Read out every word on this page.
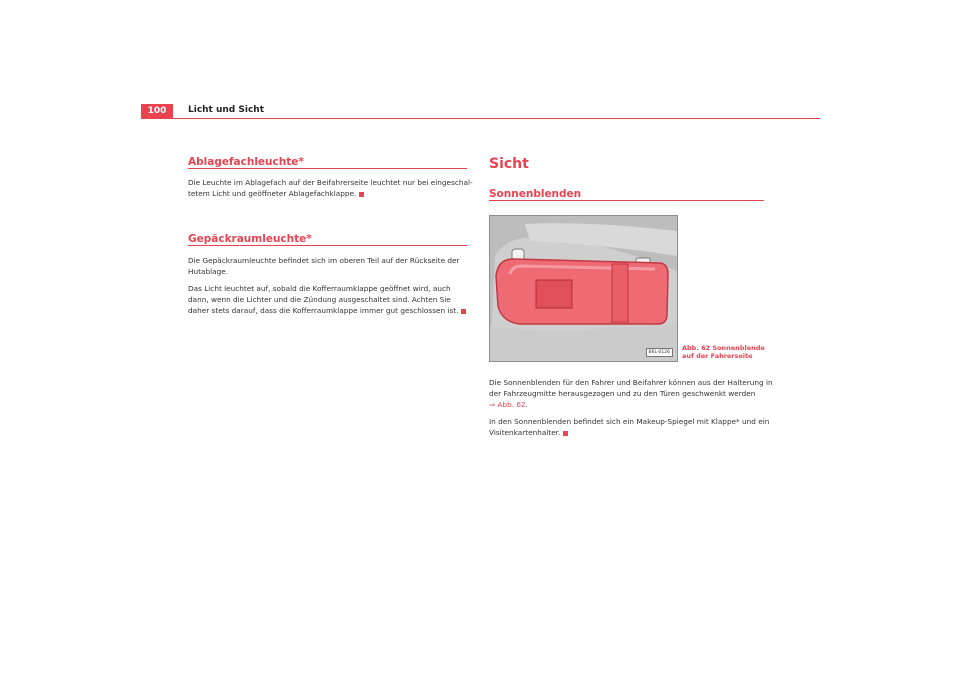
100	Licht und Sicht
Ablagefachleuchte*

Die Leuchte im Ablagefach auf der Beifahrerseite leuchtet nur bei eingeschal-
tetem Licht und geöffneter Ablagefachklappe.

Gepäckraumleuchte*

Die Gepäckraumleuchte befindet sich im oberen Teil auf der Rückseite der
Hutablage.

Das Licht leuchtet auf, sobald die Kofferraumklappe geöffnet wird, auch
dann, wenn die Lichter und die Zündung ausgeschaltet sind. Achten Sie
daher stets darauf, dass die Kofferraumklappe immer gut geschlossen ist.

Sicht
Sonnenblenden
B6L-0126
Abb. 62 Sonnenblende
auf der Fahrerseite

Die Sonnenblenden für den Fahrer und Beifahrer können aus der Halterung in
der Fahrzeugmitte herausgezogen und zu den Türen geschwenkt werden
⇒ Abb. 62.

In den Sonnenblenden befindet sich ein Makeup-Spiegel mit Klappe* und ein
Visitenkartenhalter.
